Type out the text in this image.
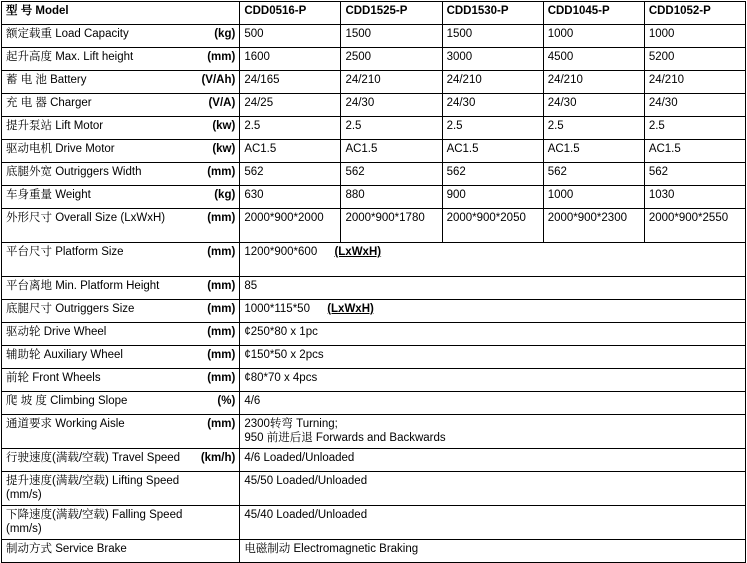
型 号 Model	CDD0516-P	CDD1525-P	CDD1530-P	CDD1045-P	CDD1052-P

额定载重 Load Capacity (kg)	500	1500	1500	1000	1000

起升高度 Max. Lift height (mm)	1600	2500	3000	4500	5200

蓄 电 池 Battery (V/Ah)	24/165	24/210	24/210	24/210	24/210

充 电 器 Charger (V/A)	24/25	24/30	24/30	24/30	24/30

提升泵站 Lift Motor (kw)	2.5	2.5	2.5	2.5	2.5

驱动电机 Drive Motor (kw)	AC1.5	AC1.5	AC1.5	AC1.5	AC1.5

底腿外宽 Outriggers Width (mm)	562	562	562	562	562

车身重量 Weight (kg)	630	880	900	1000	1030

外形尺寸 Overall Size (LxWxH) (mm)	2000*900*2000	2000*900*1780	2000*900*2050	2000*900*2300	2000*900*2550

平台尺寸 Platform Size (mm)	1200*900*600 (LxWxH)				

平台离地 Min. Platform Height (mm)	85				

底腿尺寸 Outriggers Size (mm)	1000*115*50 (LxWxH)				

驱动轮 Drive Wheel (mm)	¢250*80 x 1pc				

辅助轮 Auxiliary Wheel (mm)	¢150*50 x 2pcs				

前轮 Front Wheels (mm)	¢80*70 x 4pcs				

爬 坡 度 Climbing Slope (%)	4/6				

通道要求 Working Aisle (mm)	2300转弯 Turning;
950 前进后退 Forwards and Backwards				

行驶速度(满载/空载) Travel Speed (km/h)	4/6 Loaded/Unloaded				

提升速度(满载/空载) Lifting Speed
(mm/s)	45/50 Loaded/Unloaded				

下降速度(满载/空载) Falling Speed
(mm/s)	45/40 Loaded/Unloaded				

制动方式 Service Brake	电磁制动 Electromagnetic Braking				
